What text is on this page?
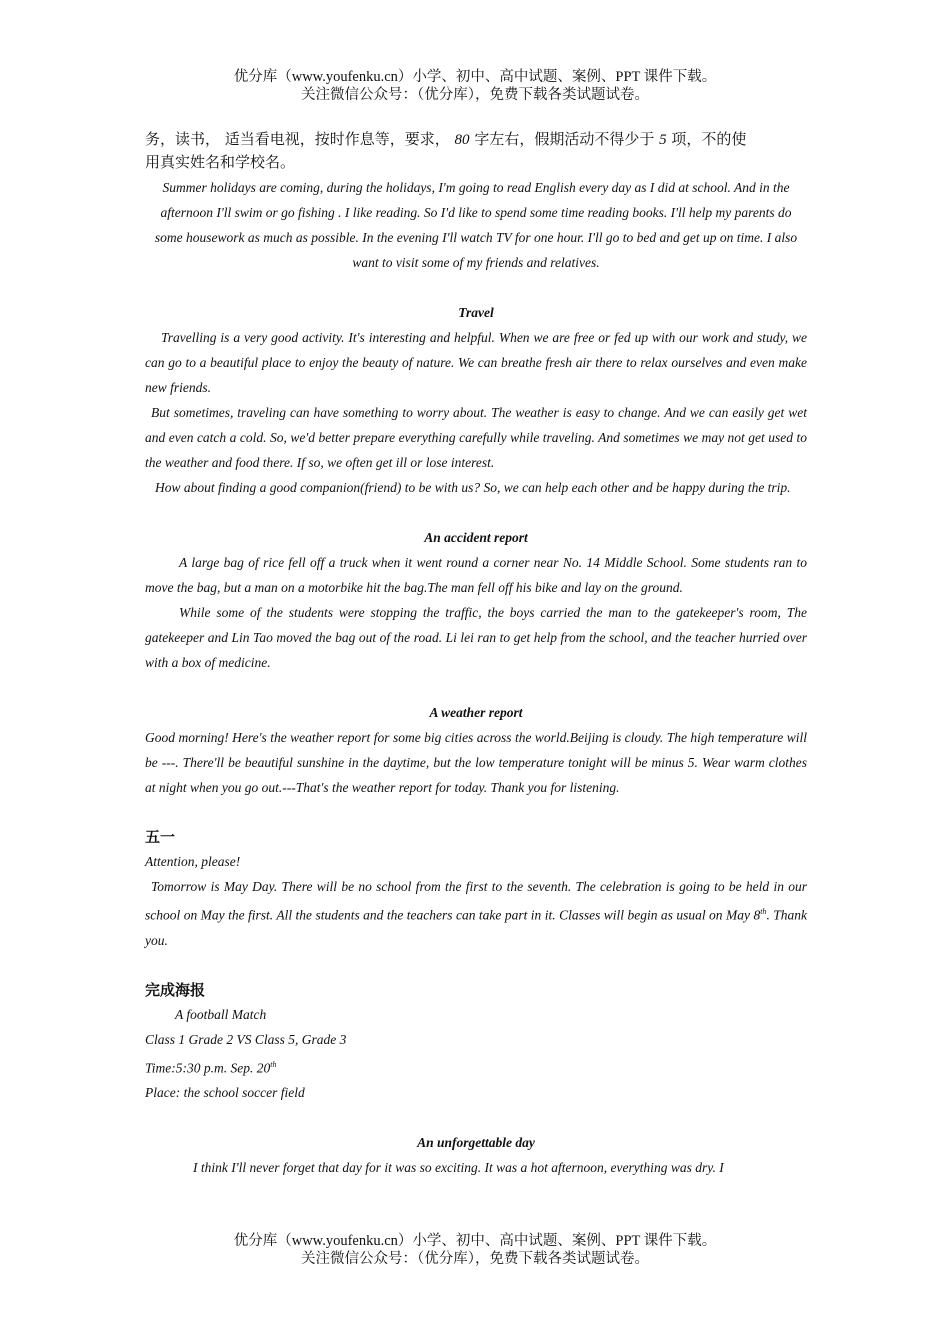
优分库（www.youfenku.cn）小学、初中、高中试题、案例、PPT 课件下载。
关注微信公众号：（优分库），免费下载各类试题试卷。

务，读书， 适当看电视，按时作息等，要求， 80 字左右，假期活动不得少于 5 项，不的使

用真实姓名和学校名。

Summer holidays are coming, during the holidays, I'm going to read English every day as I did at school. And in the afternoon I'll swim or go fishing . I like reading. So I'd like to spend some time reading books. I'll help my parents do some housework as much as possible. In the evening I'll watch TV for one hour. I'll go to bed and get up on time. I also want to visit some of my friends and relatives.

Travel

Travelling is a very good activity. It's interesting and helpful. When we are free or fed up with our work and study, we can go to a beautiful place to enjoy the beauty of nature. We can breathe fresh air there to relax ourselves and even make new friends.

But sometimes, traveling can have something to worry about. The weather is easy to change. And we can easily get wet and even catch a cold. So, we'd better prepare everything carefully while traveling. And sometimes we may not get used to the weather and food there. If so, we often get ill or lose interest.

How about finding a good companion(friend) to be with us? So, we can help each other and be happy during the trip.

An accident report

A large bag of rice fell off a truck when it went round a corner near No. 14 Middle School. Some students ran to move the bag, but a man on a motorbike hit the bag.The man fell off his bike and lay on the ground.

While some of the students were stopping the traffic, the boys carried the man to the gatekeeper's room, The gatekeeper and Lin Tao moved the bag out of the road. Li lei ran to get help from the school, and the teacher hurried over with a box of medicine.

A weather report

Good morning! Here's the weather report for some big cities across the world.Beijing is cloudy. The high temperature will be ---. There'll be beautiful sunshine in the daytime, but the low temperature tonight will be minus 5. Wear warm clothes at night when you go out.---That's the weather report for today. Thank you for listening.

五一

Attention, please!

Tomorrow is May Day. There will be no school from the first to the seventh. The celebration is going to be held in our school on May the first. All the students and the teachers can take part in it. Classes will begin as usual on May 8th. Thank you.

完成海报

A football Match

Class 1 Grade 2 VS Class 5, Grade 3

Time:5:30 p.m. Sep. 20th

Place: the school soccer field

An unforgettable day

I think I'll never forget that day for it was so exciting. It was a hot afternoon, everything was dry. I

优分库（www.youfenku.cn）小学、初中、高中试题、案例、PPT 课件下载。
关注微信公众号：（优分库），免费下载各类试题试卷。
